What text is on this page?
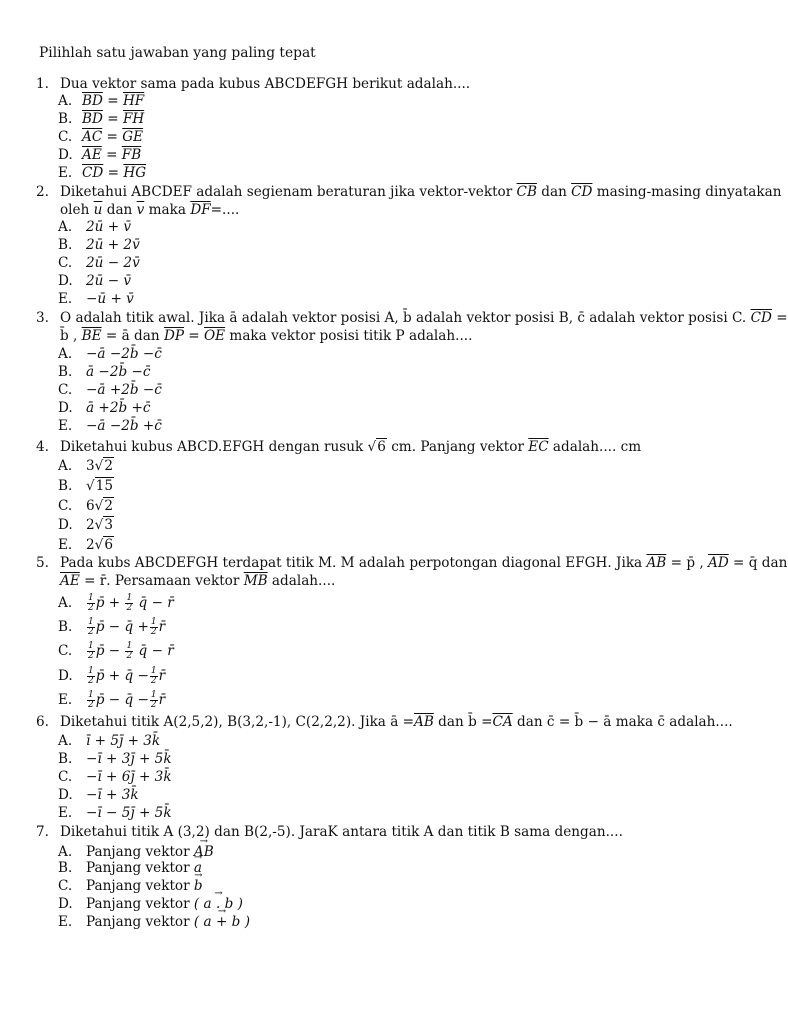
Pilihlah satu jawaban yang paling tepat
1. Dua vektor sama pada kubus ABCDEFGH berikut adalah....
A. $\overline{BD} = \overline{HF}$
B. $\overline{BD} = \overline{FH}$
C. $\overline{AC} = \overline{GE}$
D. $\overline{AE} = \overline{FB}$
E. $\overline{CD} = \overline{HG}$
2. Diketahui ABCDEF adalah segienam beraturan jika vektor-vektor $\overline{CB}$ dan $\overline{CD}$ masing-masing dinyatakan
oleh $\overline{u}$ dan $\overline{v}$ maka $\overline{DF}=$....
A. 2ū + v̄
B. 2ū + 2v̄
C. 2ū − 2v̄
D. 2ū − v̄
E. −ū + v̄
3. O adalah titik awal. Jika ā adalah vektor posisi A, b̄ adalah vektor posisi B, c̄ adalah vektor posisi C. $\overline{CD}$ =
b̄ , $\overline{BE}$ = ā dan $\overline{DP} = \overline{OE}$ maka vektor posisi titik P adalah....
A. −ā −2b̄ −c̄
B. ā −2b̄ −c̄
C. −ā +2b̄ −c̄
D. ā +2b̄ +c̄
E. −ā −2b̄ +c̄
4. Diketahui kubus ABCD.EFGH dengan rusuk √6 cm. Panjang vektor $\overline{EC}$ adalah.... cm
A. 3√2
B. √15
C. 6√2
D. 2√3
E. 2√6
5. Pada kubs ABCDEFGH terdapat titik M. M adalah perpotongan diagonal EFGH. Jika $\overline{AB}$ = p̄ , $\overline{AD}$ = q̄ dan
$\overline{AE}$ = r̄. Persamaan vektor $\overline{MB}$ adalah....
A. $\frac{1}{2}$ p̄ + $\frac{1}{2}$ q̄ − r̄
B. $\frac{1}{2}$ p̄ − q̄ + $\frac{1}{2}$ r̄
C. $\frac{1}{2}$ p̄ − $\frac{1}{2}$ q̄ − r̄
D. $\frac{1}{2}$ p̄ + q̄ − $\frac{1}{2}$ r̄
E. $\frac{1}{2}$ p̄ − q̄ − $\frac{1}{2}$ r̄
6. Diketahui titik A(2,5,2), B(3,2,-1), C(2,2,2). Jika ā $=\overline{AB}$ dan b̄ $=\overline{CA}$ dan c̄ = b̄ − ā maka c̄ adalah....
A. ī + 5ȷ̄ + 3k̄
B. −ī + 3ȷ̄ + 5k̄
C. −ī + 6ȷ̄ + 3k̄
D. −ī + 3k̄
E. −ī − 5ȷ̄ + 5k̄
7. Diketahui titik A (3,2) dan B(2,-5). JaraK antara titik A dan titik B sama dengan....
A. Panjang vektor → AB
B. Panjang vektor → a
C. Panjang vektor → b
D. Panjang vektor → ( a . b )
E. Panjang vektor → ( a + b )
